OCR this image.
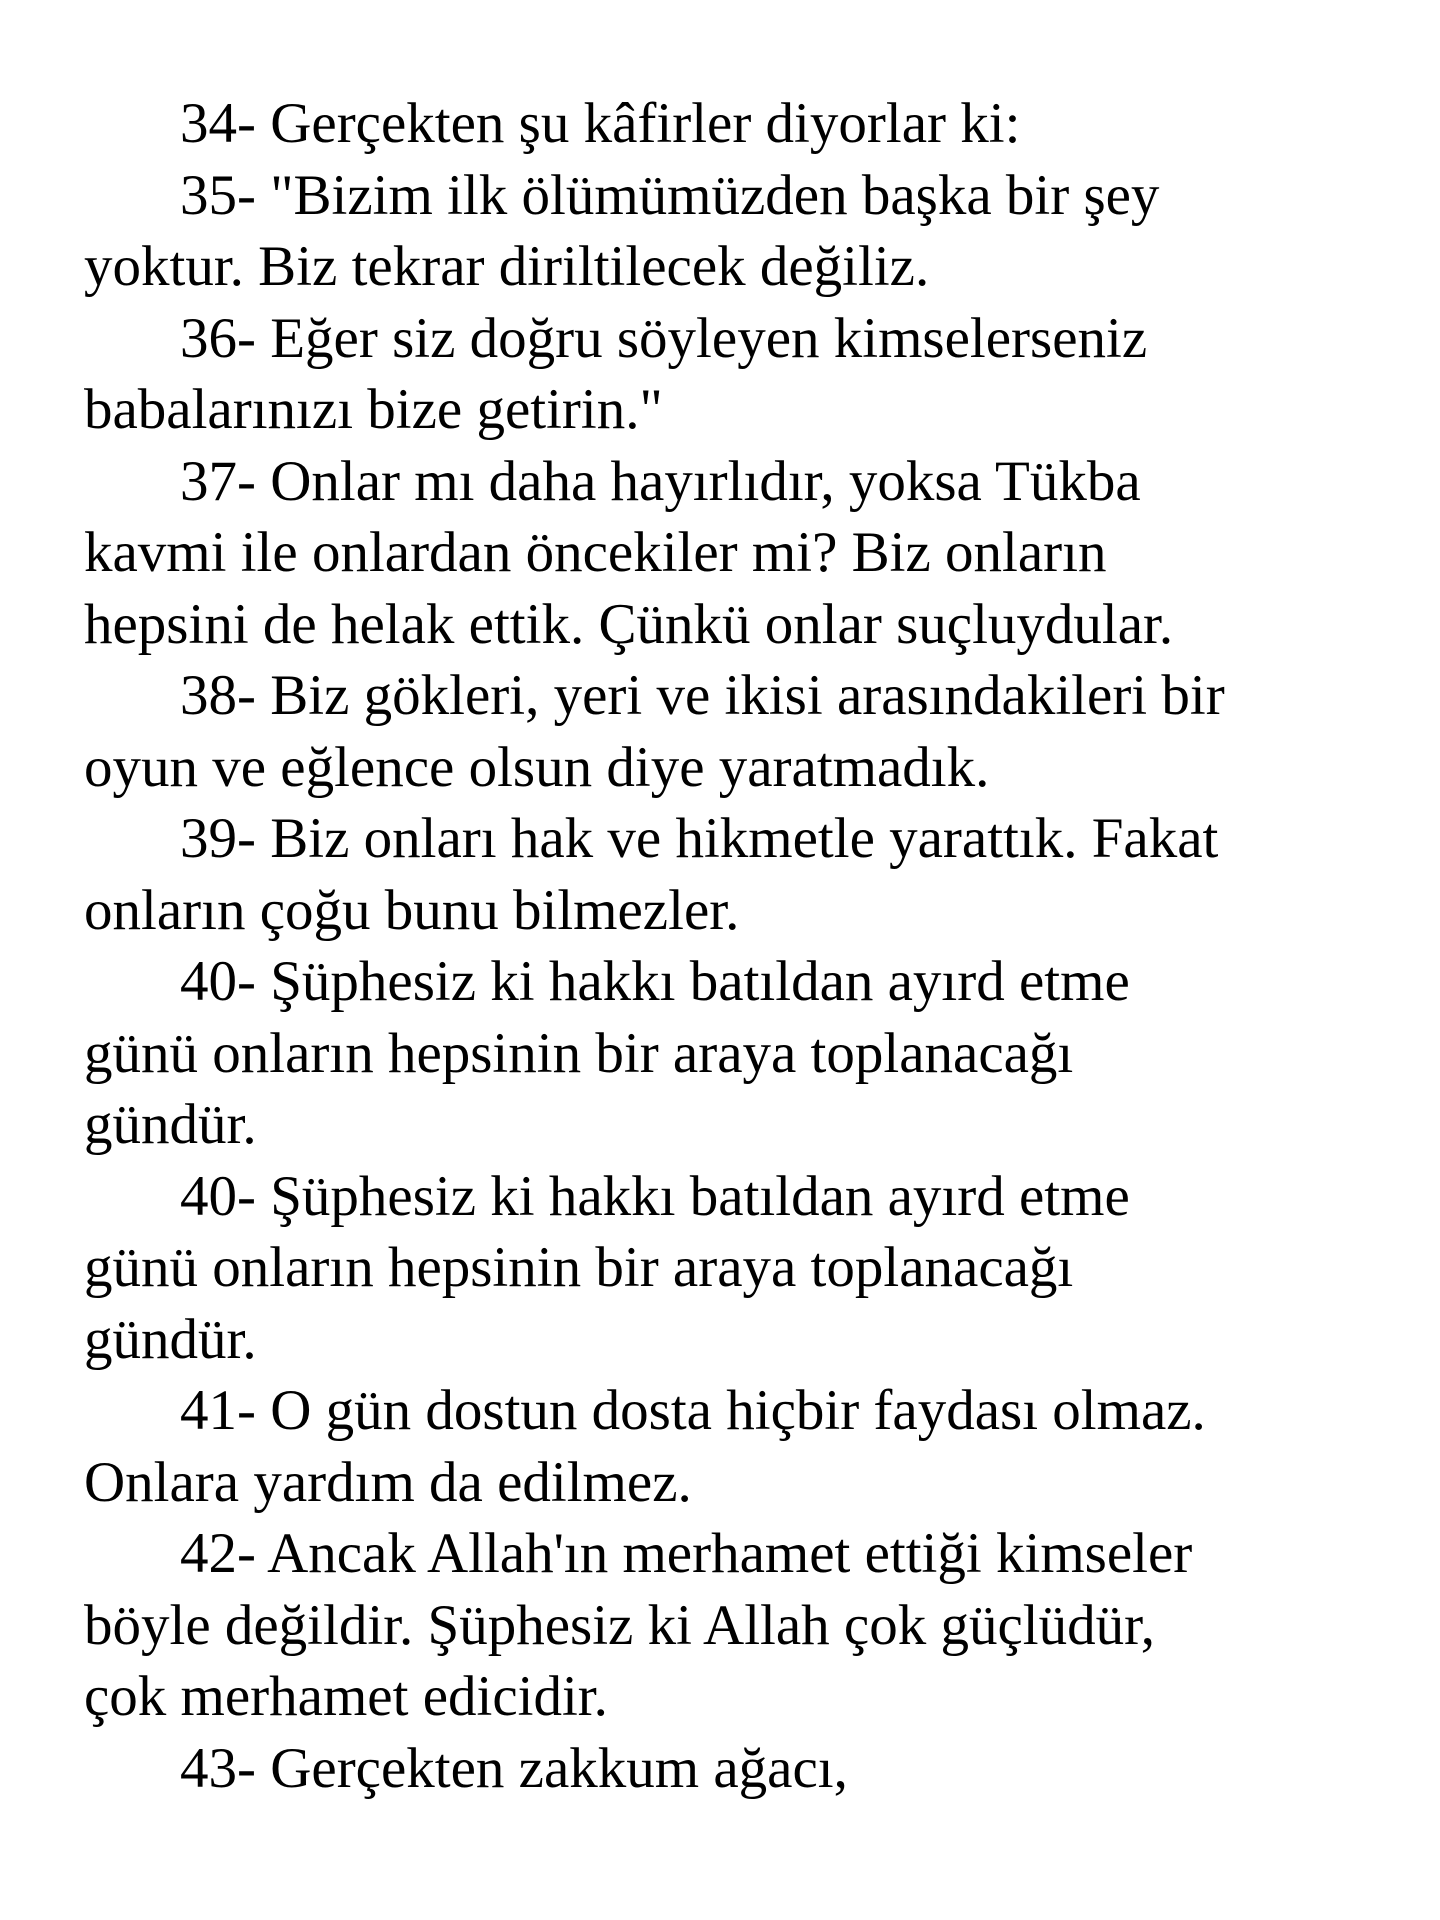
34- Gerçekten şu kâfirler diyorlar ki:
35- "Bizim ilk ölümümüzden başka bir şey
yoktur. Biz tekrar diriltilecek değiliz.
36- Eğer siz doğru söyleyen kimselerseniz
babalarınızı bize getirin."
37- Onlar mı daha hayırlıdır, yoksa Tükba
kavmi ile onlardan öncekiler mi? Biz onların
hepsini de helak ettik. Çünkü onlar suçluydular.
38- Biz gökleri, yeri ve ikisi arasındakileri bir
oyun ve eğlence olsun diye yaratmadık.
39- Biz onları hak ve hikmetle yarattık. Fakat
onların çoğu bunu bilmezler.
40- Şüphesiz ki hakkı batıldan ayırd etme
günü onların hepsinin bir araya toplanacağı
gündür.
40- Şüphesiz ki hakkı batıldan ayırd etme
günü onların hepsinin bir araya toplanacağı
gündür.
41- O gün dostun dosta hiçbir faydası olmaz.
Onlara yardım da edilmez.
42- Ancak Allah'ın merhamet ettiği kimseler
böyle değildir. Şüphesiz ki Allah çok güçlüdür,
çok merhamet edicidir.
43- Gerçekten zakkum ağacı,
